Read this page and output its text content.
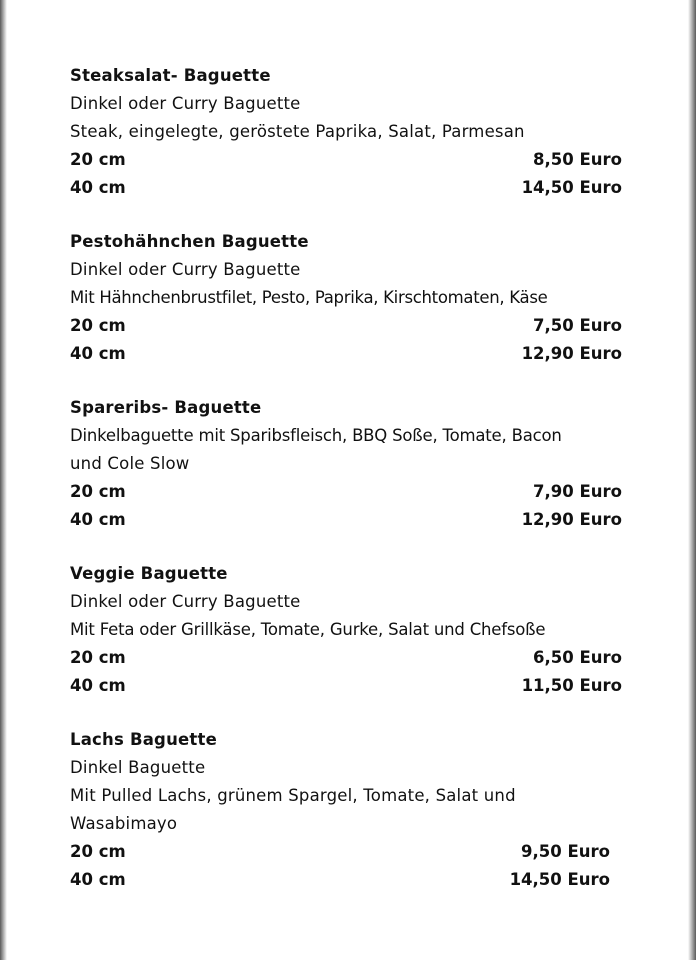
Steaksalat- Baguette
Dinkel oder Curry Baguette
Steak, eingelegte, geröstete Paprika, Salat, Parmesan
20 cm	8,50 Euro
40 cm	14,50 Euro
Pestohähnchen Baguette
Dinkel oder Curry Baguette
Mit Hähnchenbrustfilet, Pesto, Paprika, Kirschtomaten, Käse
20 cm	7,50 Euro
40 cm	12,90 Euro
Spareribs- Baguette
Dinkelbaguette mit Sparibsfleisch, BBQ Soße, Tomate, Bacon
und Cole Slow
20 cm	7,90 Euro
40 cm	12,90 Euro
Veggie Baguette
Dinkel oder Curry Baguette
Mit Feta oder Grillkäse, Tomate, Gurke, Salat und Chefsoße
20 cm	6,50 Euro
40 cm	11,50 Euro
Lachs Baguette
Dinkel Baguette
Mit Pulled Lachs, grünem Spargel, Tomate, Salat und
Wasabimayo
20 cm	9,50 Euro
40 cm	14,50 Euro
